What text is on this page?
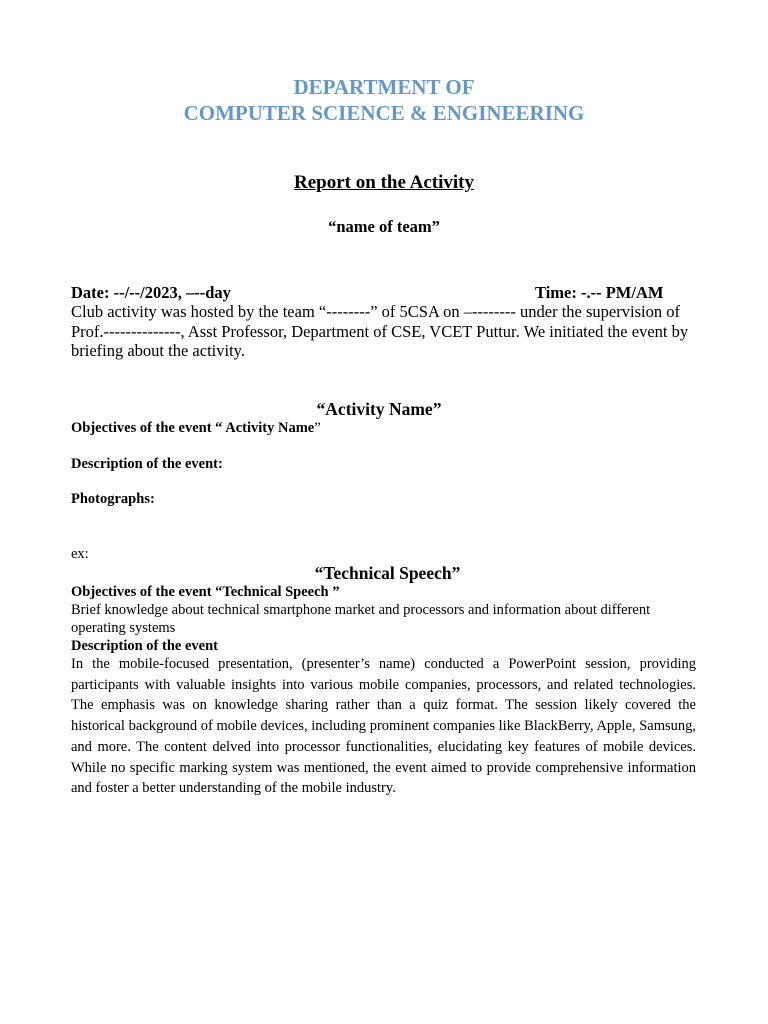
DEPARTMENT OF
COMPUTER SCIENCE & ENGINEERING
Report on the Activity
“name of team”
Date: --/--/2023, –--day	Time: -.-- PM/AM
Club activity was hosted by the team “--------” of 5CSA on –-------- under the supervision of Prof.--------------, Asst Professor, Department of CSE, VCET Puttur. We initiated the event by briefing about the activity.
“Activity Name”
Objectives of the event “ Activity Name”
Description of the event:
Photographs:
ex:
“Technical Speech”
Objectives of the event “Technical Speech ”
Brief knowledge about technical smartphone market and processors and information about different operating systems
Description of the event
In the mobile-focused presentation, (presenter’s name) conducted a PowerPoint session, providing participants with valuable insights into various mobile companies, processors, and related technologies. The emphasis was on knowledge sharing rather than a quiz format. The session likely covered the historical background of mobile devices, including prominent companies like BlackBerry, Apple, Samsung, and more. The content delved into processor functionalities, elucidating key features of mobile devices. While no specific marking system was mentioned, the event aimed to provide comprehensive information and foster a better understanding of the mobile industry.
